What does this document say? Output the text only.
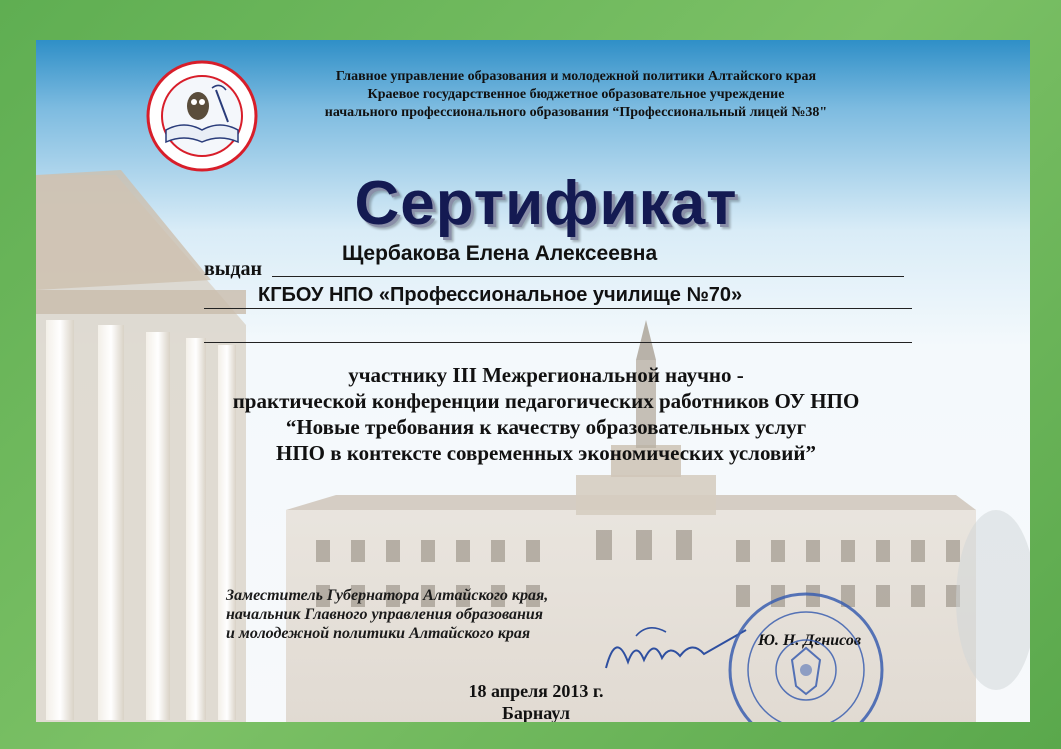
Главное управление образования и молодежной политики Алтайского края
Краевое государственное бюджетное образовательное учреждение
начального профессионального образования “Профессиональный лицей №38"
Сертификат
выдан
Щербакова Елена Алексеевна
КГБОУ НПО «Профессиональное училище №70»
участнику III Межрегиональной научно -
практической конференции педагогических работников ОУ НПО
“Новые требования к качеству образовательных услуг
НПО в контексте современных экономических условий”
Заместитель Губернатора Алтайского края,
начальник Главного управления образования
и молодежной политики Алтайского края	Ю. Н. Денисов
18 апреля 2013 г.
Барнаул
